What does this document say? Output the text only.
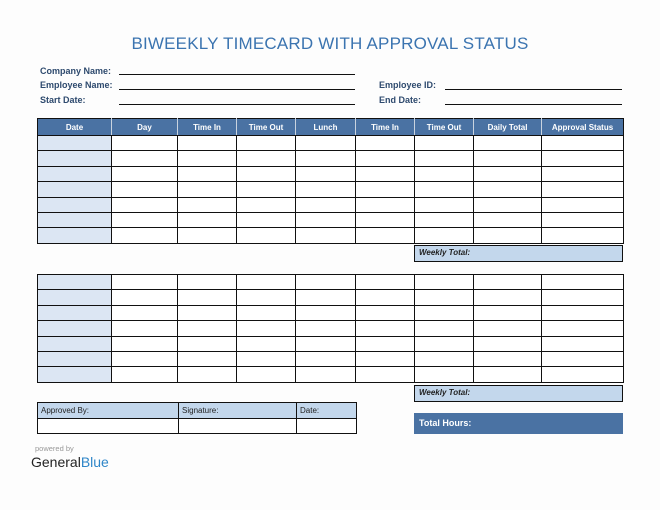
BIWEEKLY TIMECARD WITH APPROVAL STATUS
Company Name:
Employee Name:
Start Date:
Employee ID:
End Date:
Date	Day	Time In	Time Out	Lunch	Time In	Time Out	Daily Total	Approval Status

Weekly Total:

Weekly Total:
Approved By:	Signature:	Date:

Total Hours:
powered by
GeneralBlue
